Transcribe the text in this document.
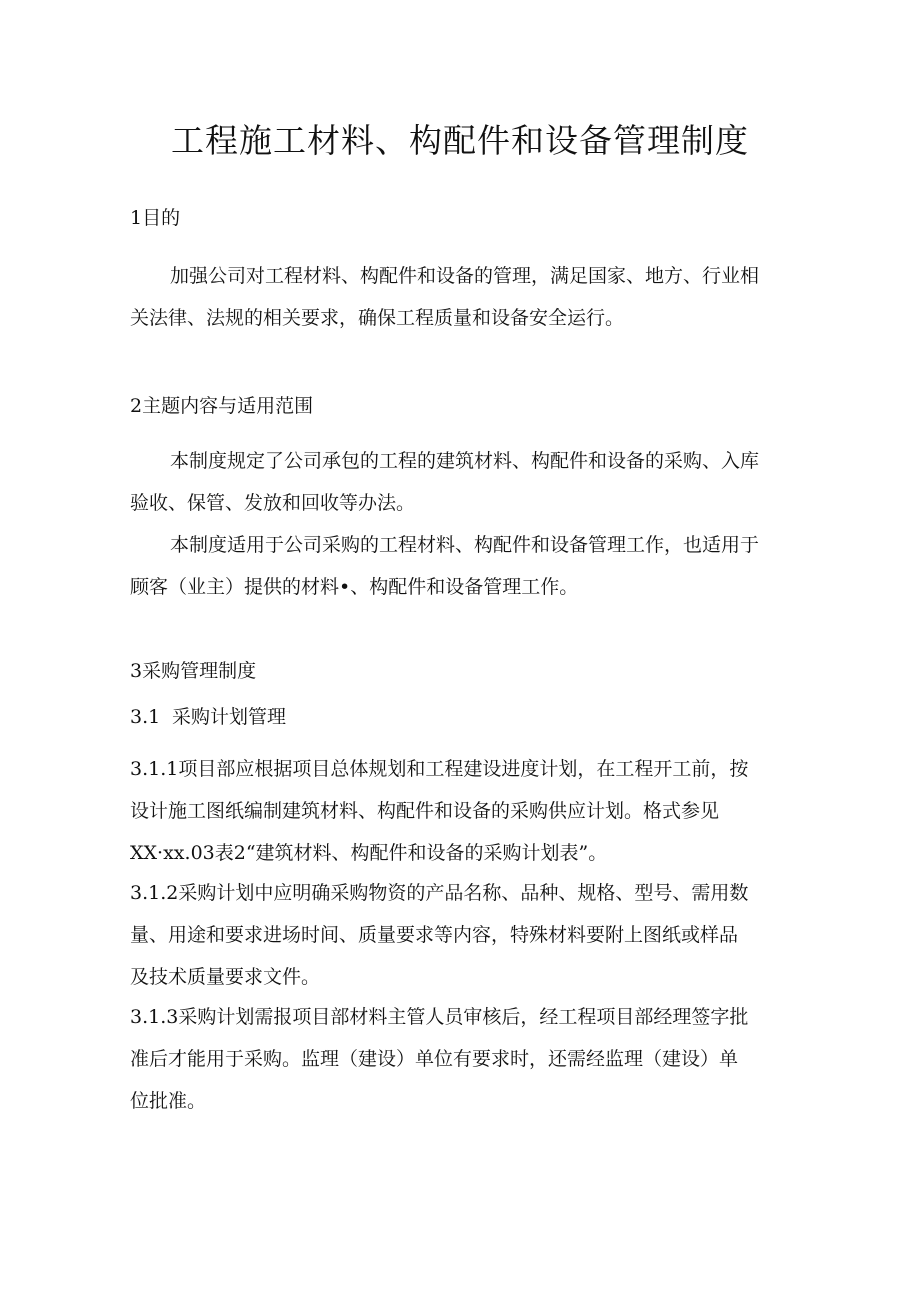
工程施工材料、构配件和设备管理制度
1目的

加强公司对工程材料、构配件和设备的管理，满足国家、地方、行业相
关法律、法规的相关要求，确保工程质量和设备安全运行。

2主题内容与适用范围

本制度规定了公司承包的工程的建筑材料、构配件和设备的采购、入库
验收、保管、发放和回收等办法。

本制度适用于公司采购的工程材料、构配件和设备管理工作，也适用于
顾客（业主）提供的材料•、构配件和设备管理工作。

3采购管理制度
3.1 采购计划管理

3.1.1项目部应根据项目总体规划和工程建设进度计划，在工程开工前，按
设计施工图纸编制建筑材料、构配件和设备的采购供应计划。格式参见
XX·xx.03表2“建筑材料、构配件和设备的采购计划表”。

3.1.2采购计划中应明确采购物资的产品名称、品种、规格、型号、需用数
量、用途和要求进场时间、质量要求等内容，特殊材料要附上图纸或样品
及技术质量要求文件。

3.1.3采购计划需报项目部材料主管人员审核后，经工程项目部经理签字批
准后才能用于采购。监理（建设）单位有要求时，还需经监理（建设）单
位批准。
